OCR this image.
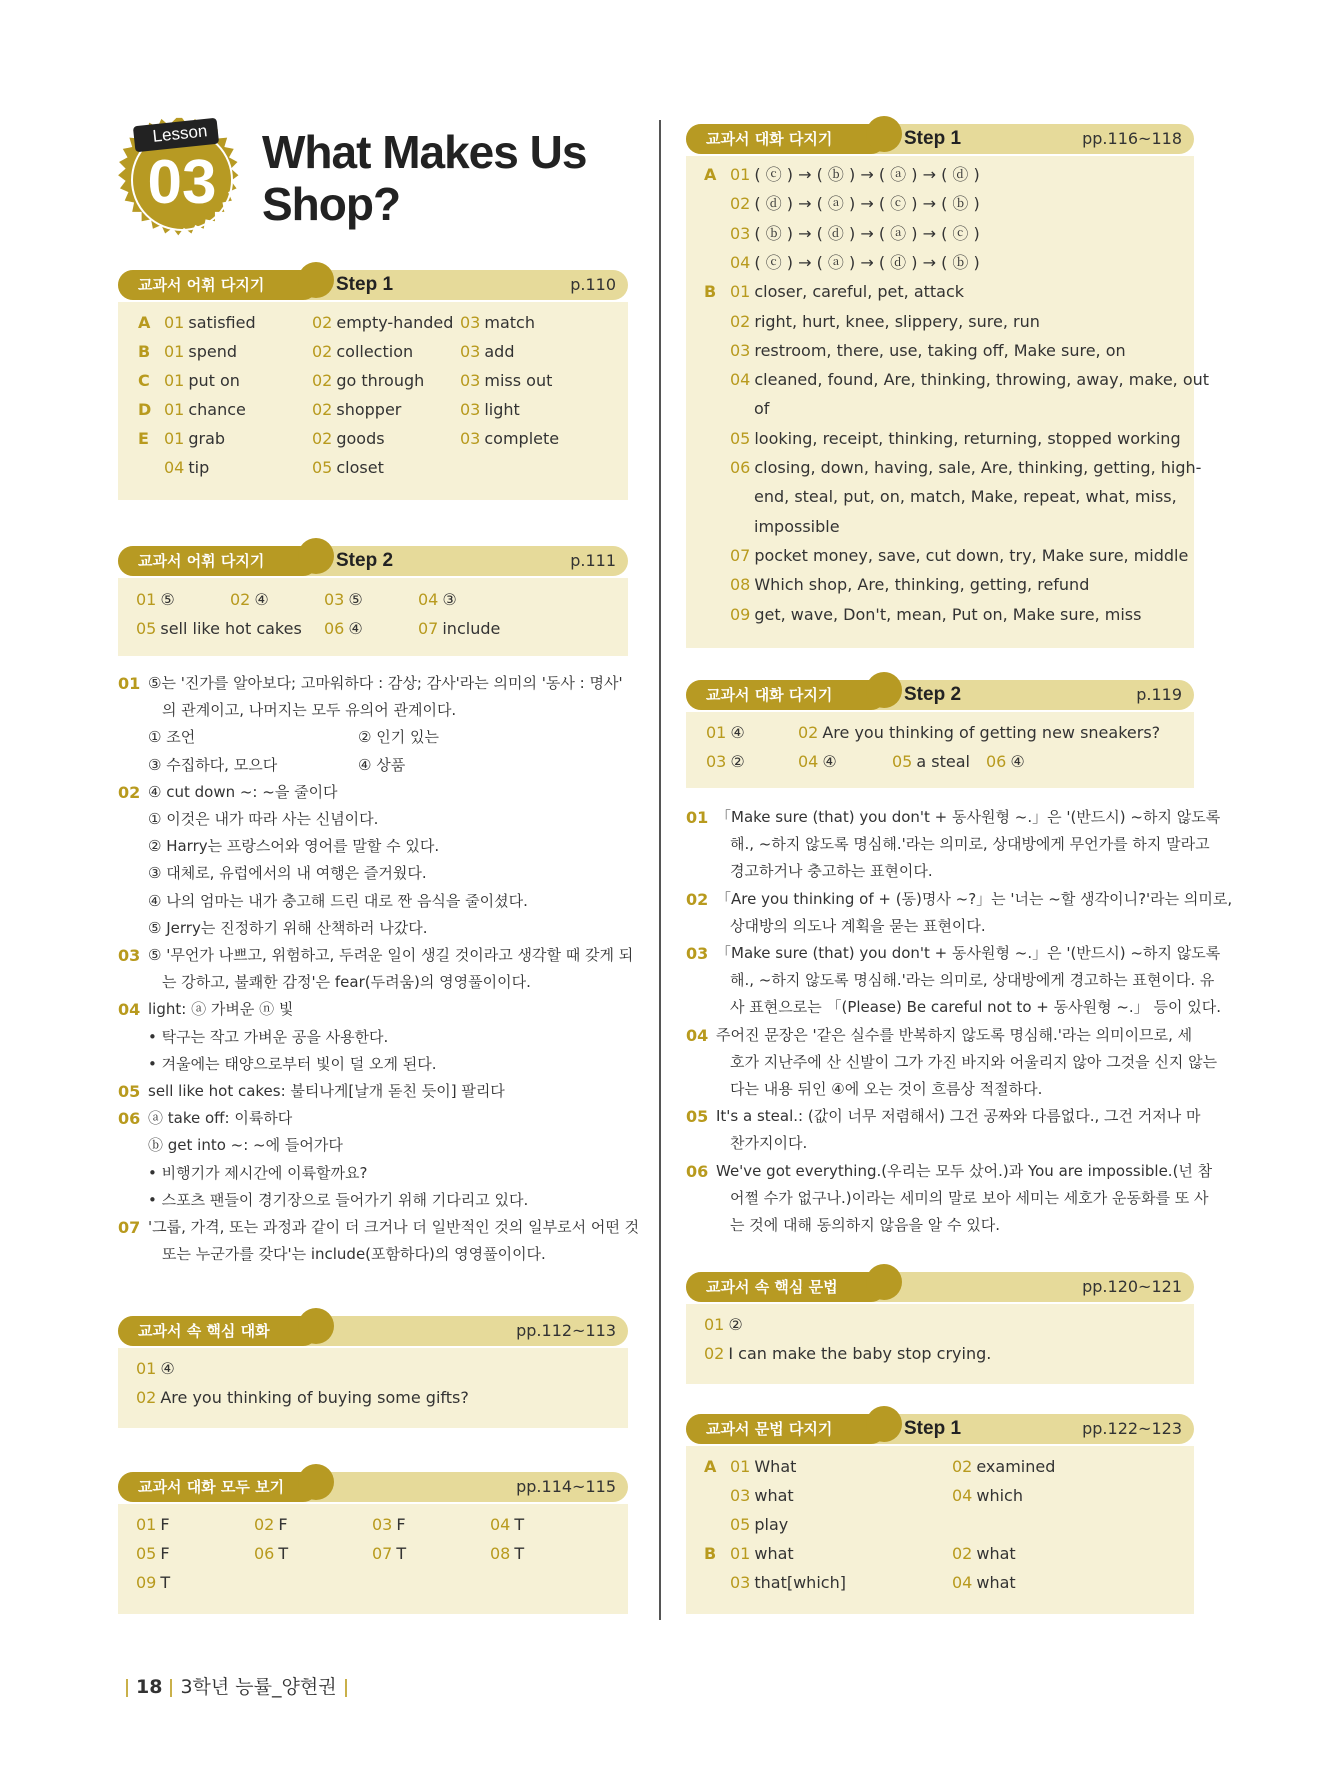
Lesson
03 What Makes Us
Shop?
교과서 어휘 다지기	Step 1	p.110
A 01 satisfied	02 empty-handed 03 match
B 01 spend	02 collection	03 add
C 01 put on	02 go through 03 miss out
D 01 chance	02 shopper	03 light
E 01 grab	02 goods	03 complete
04 tip	05 closet
교과서 어휘 다지기	Step 2	p.111
01 ⑤	02 ④	03 ⑤	04 ③
05 sell like hot cakes 06 ④	07 include
01 ⑤는 '진가를 알아보다; 고마워하다 : 감상; 감사'라는 의미의 '동사 : 명사'
의 관계이고, 나머지는 모두 유의어 관계이다.
① 조언	② 인기 있는
③ 수집하다, 모으다	④ 상품
02 ④ cut down ~: ~을 줄이다
① 이것은 내가 따라 사는 신념이다.
② Harry는 프랑스어와 영어를 말할 수 있다.
③ 대체로, 유럽에서의 내 여행은 즐거웠다.
④ 나의 엄마는 내가 충고해 드린 대로 짠 음식을 줄이셨다.
⑤ Jerry는 진정하기 위해 산책하러 나갔다.
03 ⑤ '무언가 나쁘고, 위험하고, 두려운 일이 생길 것이라고 생각할 때 갖게 되
는 강하고, 불쾌한 감정'은 fear(두려움)의 영영풀이이다.
04 light: ⓐ 가벼운 ⓝ 빛
• 탁구는 작고 가벼운 공을 사용한다.
• 겨울에는 태양으로부터 빛이 덜 오게 된다.
05 sell like hot cakes: 불티나게[날개 돋친 듯이] 팔리다
06 ⓐ take off: 이륙하다
ⓑ get into ~: ~에 들어가다
• 비행기가 제시간에 이륙할까요?
• 스포츠 팬들이 경기장으로 들어가기 위해 기다리고 있다.
07 '그룹, 가격, 또는 과정과 같이 더 크거나 더 일반적인 것의 일부로서 어떤 것
또는 누군가를 갖다'는 include(포함하다)의 영영풀이이다.
교과서 속 핵심 대화	pp.112~113
01 ④
02 Are you thinking of buying some gifts?
교과서 대화 모두 보기	pp.114~115
01 F	02 F	03 F	04 T
05 F	06 T	07 T	08 T
09 T
교과서 대화 다지기	Step 1	pp.116~118
A 01 ( ⓒ ) → ( ⓑ ) → ( ⓐ ) → ( ⓓ )
02 ( ⓓ ) → ( ⓐ ) → ( ⓒ ) → ( ⓑ )
03 ( ⓑ ) → ( ⓓ ) → ( ⓐ ) → ( ⓒ )
04 ( ⓒ ) → ( ⓐ ) → ( ⓓ ) → ( ⓑ )
B 01 closer, careful, pet, attack
02 right, hurt, knee, slippery, sure, run
03 restroom, there, use, taking off, Make sure, on
04 cleaned, found, Are, thinking, throwing, away, make, out
of
05 looking, receipt, thinking, returning, stopped working
06 closing, down, having, sale, Are, thinking, getting, high-
end, steal, put, on, match, Make, repeat, what, miss,
impossible
07 pocket money, save, cut down, try, Make sure, middle
08 Which shop, Are, thinking, getting, refund
09 get, wave, Don't, mean, Put on, Make sure, miss
교과서 대화 다지기	Step 2	p.119
01 ④	02 Are you thinking of getting new sneakers?
03 ②	04 ④	05 a steal 06 ④
01 「Make sure (that) you don't + 동사원형 ~.」은 '(반드시) ~하지 않도록
해., ~하지 않도록 명심해.'라는 의미로, 상대방에게 무언가를 하지 말라고
경고하거나 충고하는 표현이다.
02 「Are you thinking of + (동)명사 ~?」는 '너는 ~할 생각이니?'라는 의미로,
상대방의 의도나 계획을 묻는 표현이다.
03 「Make sure (that) you don't + 동사원형 ~.」은 '(반드시) ~하지 않도록
해., ~하지 않도록 명심해.'라는 의미로, 상대방에게 경고하는 표현이다. 유
사 표현으로는 「(Please) Be careful not to + 동사원형 ~.」 등이 있다.
04 주어진 문장은 '같은 실수를 반복하지 않도록 명심해.'라는 의미이므로, 세
호가 지난주에 산 신발이 그가 가진 바지와 어울리지 않아 그것을 신지 않는
다는 내용 뒤인 ④에 오는 것이 흐름상 적절하다.
05 It's a steal.: (값이 너무 저렴해서) 그건 공짜와 다름없다., 그건 거저나 마
찬가지이다.
06 We've got everything.(우리는 모두 샀어.)과 You are impossible.(넌 참
어쩔 수가 없구나.)이라는 세미의 말로 보아 세미는 세호가 운동화를 또 사
는 것에 대해 동의하지 않음을 알 수 있다.
교과서 속 핵심 문법	pp.120~121
01 ②
02 I can make the baby stop crying.
교과서 문법 다지기	Step 1	pp.122~123
A 01 What	02 examined
03 what	04 which
05 play
B 01 what	02 what
03 that[which]	04 what
18 3학년 능률_양현권
